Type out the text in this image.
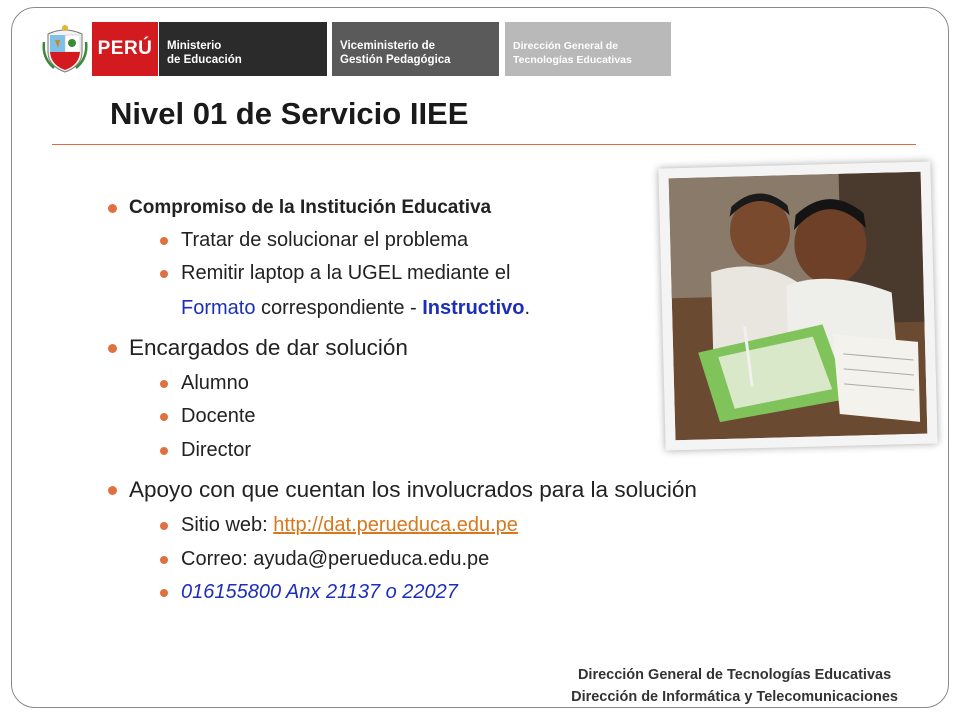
PERÚ	Ministerio
de Educación
Viceministerio de
Gestión Pedagógica
Dirección General de
Tecnologías Educativas
Nivel 01 de Servicio IIEE
Compromiso de la Institución Educativa
Tratar de solucionar el problema
Remitir laptop a la UGEL mediante el
Formato correspondiente - Instructivo .
Encargados de dar solución
Alumno
Docente
Director
Apoyo con que cuentan los involucrados para la solución
Sitio web: http://dat.perueduca.edu.pe
Correo: ayuda@perueduca.edu.pe
016155800 Anx 21137 o 22027
Dirección General de Tecnologías Educativas
Dirección de Informática y Telecomunicaciones
